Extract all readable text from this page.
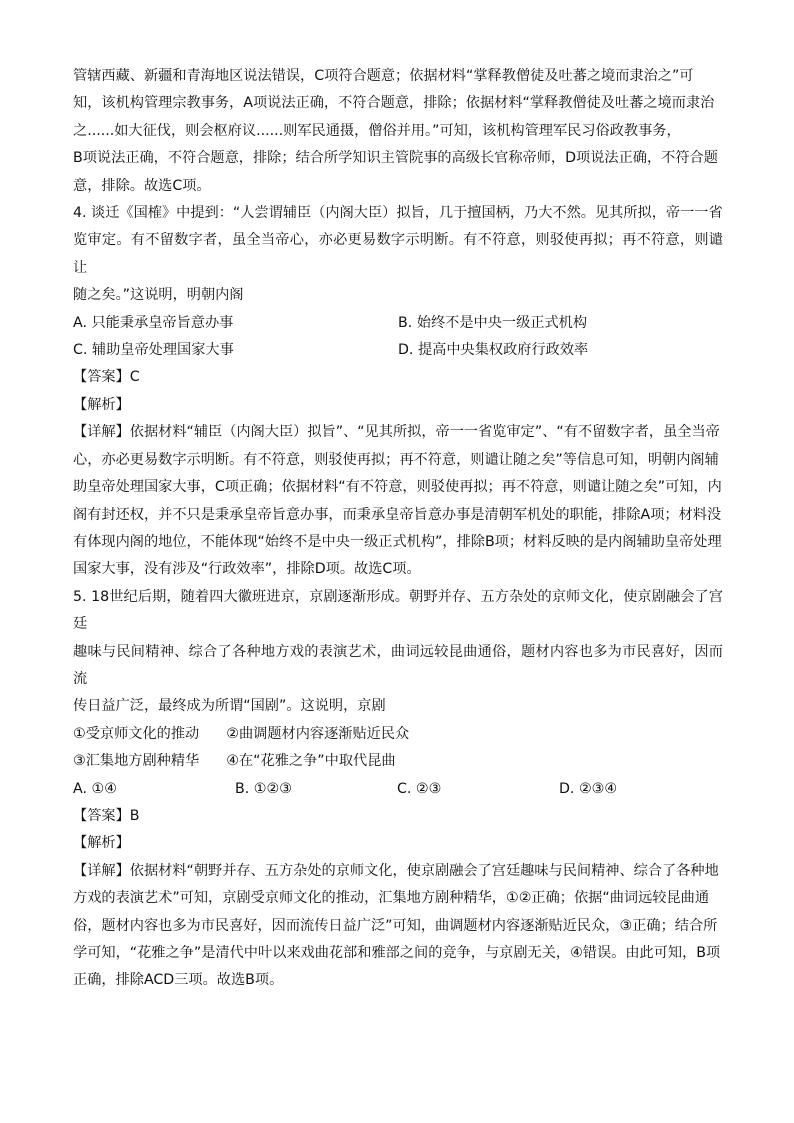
管辖西藏、新疆和青海地区说法错误，C项符合题意；依据材料“掌释教僧徒及吐蕃之境而隶治之”可

知，该机构管理宗教事务，A项说法正确，不符合题意，排除；依据材料“掌释教僧徒及吐蕃之境而隶治

之......如大征伐，则会枢府议......则军民通摄，僧俗并用。”可知，该机构管理军民习俗政教事务，

B项说法正确，不符合题意，排除；结合所学知识主管院事的高级长官称帝师，D项说法正确，不符合题

意，排除。故选C项。

4. 谈迁《国榷》中提到：“人尝谓辅臣（内阁大臣）拟旨，几于擅国柄，乃大不然。见其所拟，帝一一省

览审定。有不留数字者，虽全当帝心，亦必更易数字示明断。有不符意，则驳使再拟；再不符意，则谴让

随之矣。”这说明，明朝内阁

A. 只能秉承皇帝旨意办事	B. 始终不是中央一级正式机构
C. 辅助皇帝处理国家大事	D. 提高中央集权政府行政效率

【答案】C

【解析】

【详解】依据材料“辅臣（内阁大臣）拟旨”、“见其所拟，帝一一省览审定”、“有不留数字者，虽全当帝

心，亦必更易数字示明断。有不符意，则驳使再拟；再不符意，则谴让随之矣”等信息可知，明朝内阁辅

助皇帝处理国家大事，C项正确；依据材料“有不符意，则驳使再拟；再不符意，则谴让随之矣”可知，内

阁有封还权，并不只是秉承皇帝旨意办事，而秉承皇帝旨意办事是清朝军机处的职能，排除A项；材料没

有体现内阁的地位，不能体现“始终不是中央一级正式机构”，排除B项；材料反映的是内阁辅助皇帝处理

国家大事，没有涉及“行政效率”，排除D项。故选C项。

5. 18世纪后期，随着四大徽班进京，京剧逐渐形成。朝野并存、五方杂处的京师文化，使京剧融会了宫廷

趣味与民间精神、综合了各种地方戏的表演艺术，曲词远较昆曲通俗，题材内容也多为市民喜好，因而流

传日益广泛，最终成为所谓“国剧”。这说明，京剧

①受京师文化的推动      ②曲调题材内容逐渐贴近民众

③汇集地方剧种精华      ④在“花雅之争”中取代昆曲

A. ①④	B. ①②③	C. ②③	D. ②③④

【答案】B

【解析】

【详解】依据材料“朝野并存、五方杂处的京师文化，使京剧融会了宫廷趣味与民间精神、综合了各种地

方戏的表演艺术”可知，京剧受京师文化的推动，汇集地方剧种精华，①②正确；依据“曲词远较昆曲通

俗，题材内容也多为市民喜好，因而流传日益广泛”可知，曲调题材内容逐渐贴近民众，③正确；结合所

学可知，“花雅之争”是清代中叶以来戏曲花部和雅部之间的竞争，与京剧无关，④错误。由此可知，B项

正确，排除ACD三项。故选B项。
